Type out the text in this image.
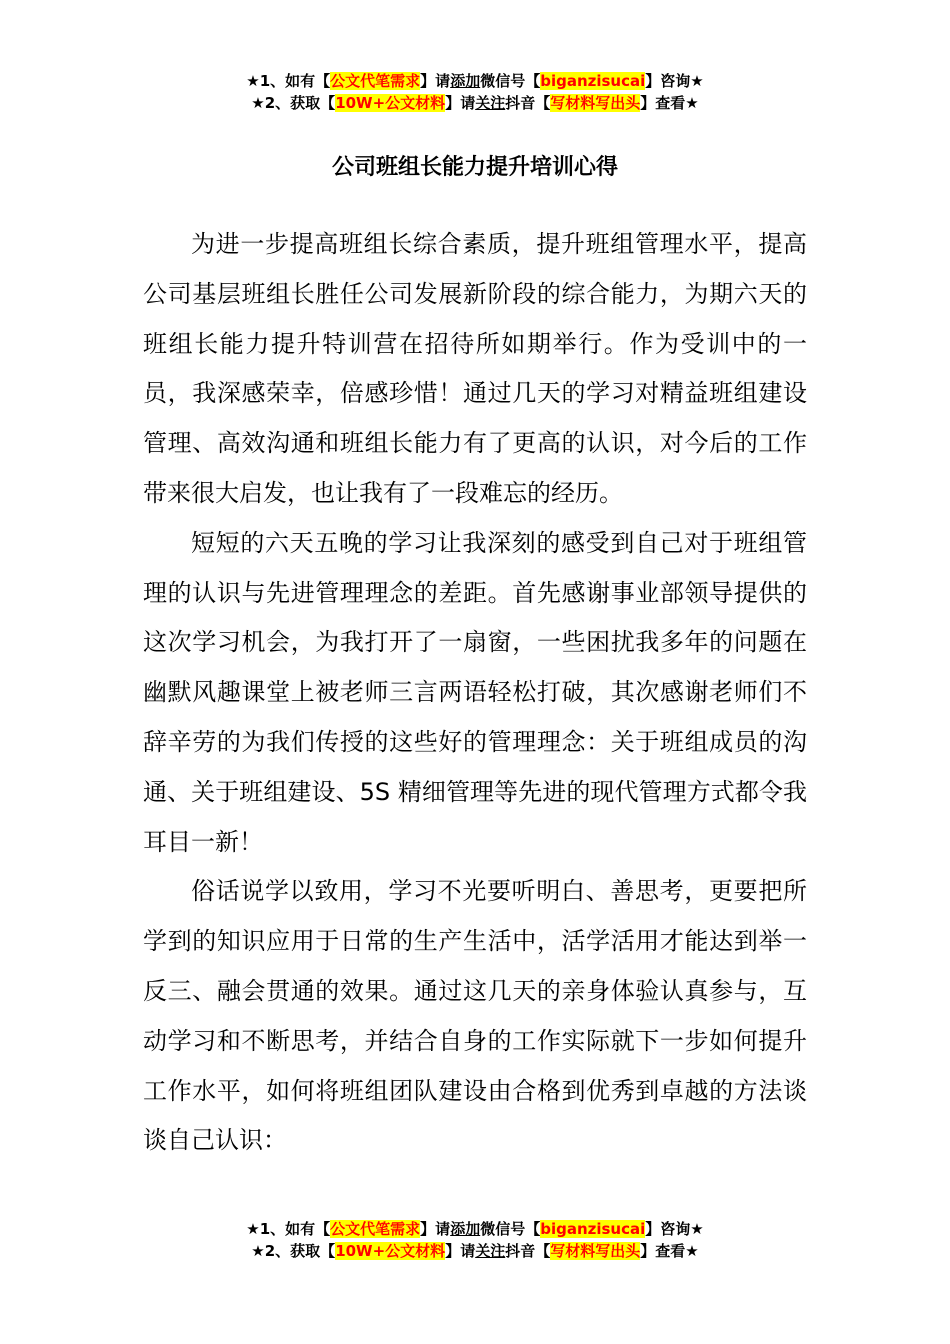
★1、如有【公文代笔需求】请添加微信号【biganzisucai】咨询★
★2、获取【10W+公文材料】请关注抖音【写材料写出头】查看★
公司班组长能力提升培训心得

为进一步提高班组长综合素质，提升班组管理水平，提高公司基层班组长胜任公司发展新阶段的综合能力，为期六天的班组长能力提升特训营在招待所如期举行。作为受训中的一员，我深感荣幸，倍感珍惜！通过几天的学习对精益班组建设管理、高效沟通和班组长能力有了更高的认识，对今后的工作带来很大启发，也让我有了一段难忘的经历。

短短的六天五晚的学习让我深刻的感受到自己对于班组管理的认识与先进管理理念的差距。首先感谢事业部领导提供的这次学习机会，为我打开了一扇窗，一些困扰我多年的问题在幽默风趣课堂上被老师三言两语轻松打破，其次感谢老师们不辞辛劳的为我们传授的这些好的管理理念：关于班组成员的沟通、关于班组建设、5S 精细管理等先进的现代管理方式都令我耳目一新！

俗话说学以致用，学习不光要听明白、善思考，更要把所学到的知识应用于日常的生产生活中，活学活用才能达到举一反三、融会贯通的效果。通过这几天的亲身体验认真参与，互动学习和不断思考，并结合自身的工作实际就下一步如何提升工作水平，如何将班组团队建设由合格到优秀到卓越的方法谈谈自己认识：

★1、如有【公文代笔需求】请添加微信号【biganzisucai】咨询★
★2、获取【10W+公文材料】请关注抖音【写材料写出头】查看★
